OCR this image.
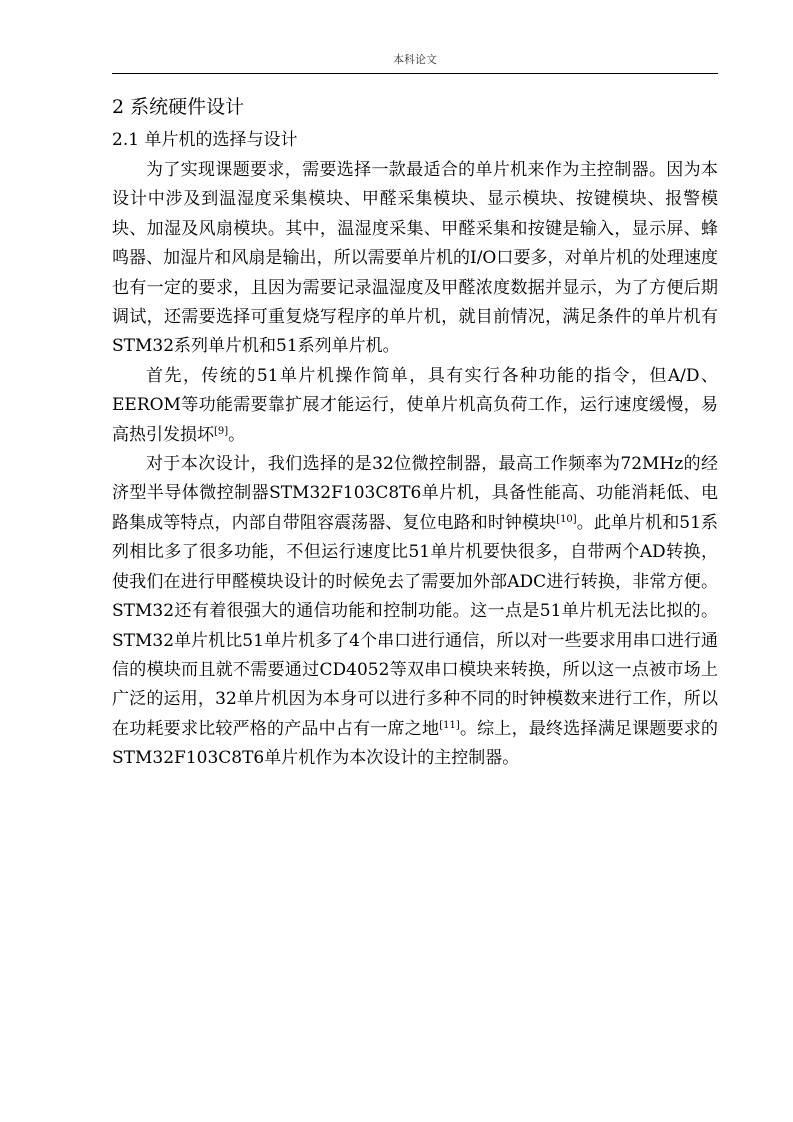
本科论文
2 系统硬件设计
2.1 单片机的选择与设计

为了实现课题要求，需要选择一款最适合的单片机来作为主控制器。因为本设计中涉及到温湿度采集模块、甲醛采集模块、显示模块、按键模块、报警模块、加湿及风扇模块。其中，温湿度采集、甲醛采集和按键是输入，显示屏、蜂鸣器、加湿片和风扇是输出，所以需要单片机的I/O口要多，对单片机的处理速度也有一定的要求，且因为需要记录温湿度及甲醛浓度数据并显示，为了方便后期调试，还需要选择可重复烧写程序的单片机，就目前情况，满足条件的单片机有STM32系列单片机和51系列单片机。

首先，传统的51单片机操作简单，具有实行各种功能的指令，但A/D、EEROM等功能需要靠扩展才能运行，使单片机高负荷工作，运行速度缓慢，易高热引发损坏[9]。

对于本次设计，我们选择的是32位微控制器，最高工作频率为72MHz的经济型半导体微控制器STM32F103C8T6单片机，具备性能高、功能消耗低、电路集成等特点，内部自带阻容震荡器、复位电路和时钟模块[10]。此单片机和51系列相比多了很多功能，不但运行速度比51单片机要快很多，自带两个AD转换，使我们在进行甲醛模块设计的时候免去了需要加外部ADC进行转换，非常方便。STM32还有着很强大的通信功能和控制功能。这一点是51单片机无法比拟的。STM32单片机比51单片机多了4个串口进行通信，所以对一些要求用串口进行通信的模块而且就不需要通过CD4052等双串口模块来转换，所以这一点被市场上广泛的运用，32单片机因为本身可以进行多种不同的时钟模数来进行工作，所以在功耗要求比较严格的产品中占有一席之地[11]。综上，最终选择满足课题要求的STM32F103C8T6单片机作为本次设计的主控制器。
